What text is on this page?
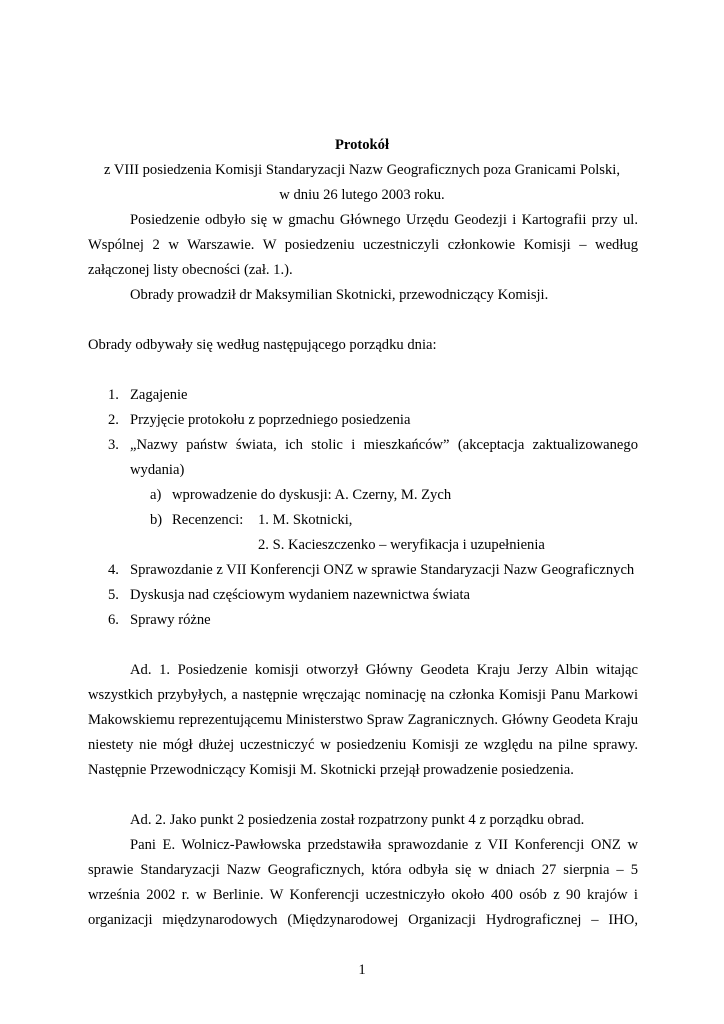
Protokół
z VIII posiedzenia Komisji Standaryzacji Nazw Geograficznych poza Granicami Polski,
w dniu 26 lutego 2003 roku.
Posiedzenie odbyło się w gmachu Głównego Urzędu Geodezji i Kartografii przy ul.
Wspólnej 2 w Warszawie. W posiedzeniu uczestniczyli członkowie Komisji – według
załączonej listy obecności (zał. 1.).
Obrady prowadził dr Maksymilian Skotnicki, przewodniczący Komisji.
Obrady odbywały się według następującego porządku dnia:
1. Zagajenie
2. Przyjęcie protokołu z poprzedniego posiedzenia
3. „Nazwy państw świata, ich stolic i mieszkańców” (akceptacja zaktualizowanego
wydania)
a) wprowadzenie do dyskusji: A. Czerny, M. Zych
b) Recenzenci: 1. M. Skotnicki,
2. S. Kacieszczenko – weryfikacja i uzupełnienia
4. Sprawozdanie z VII Konferencji ONZ w sprawie Standaryzacji Nazw Geograficznych
5. Dyskusja nad częściowym wydaniem nazewnictwa świata
6. Sprawy różne
Ad. 1. Posiedzenie komisji otworzył Główny Geodeta Kraju Jerzy Albin witając
wszystkich przybyłych, a następnie wręczając nominację na członka Komisji Panu Markowi
Makowskiemu reprezentującemu Ministerstwo Spraw Zagranicznych. Główny Geodeta Kraju
niestety nie mógł dłużej uczestniczyć w posiedzeniu Komisji ze względu na pilne sprawy.
Następnie Przewodniczący Komisji M. Skotnicki przejął prowadzenie posiedzenia.
Ad. 2. Jako punkt 2 posiedzenia został rozpatrzony punkt 4 z porządku obrad.
Pani E. Wolnicz-Pawłowska przedstawiła sprawozdanie z VII Konferencji ONZ w
sprawie Standaryzacji Nazw Geograficznych, która odbyła się w dniach 27 sierpnia – 5
września 2002 r. w Berlinie. W Konferencji uczestniczyło około 400 osób z 90 krajów i
organizacji międzynarodowych (Międzynarodowej Organizacji Hydrograficznej – IHO,
1
